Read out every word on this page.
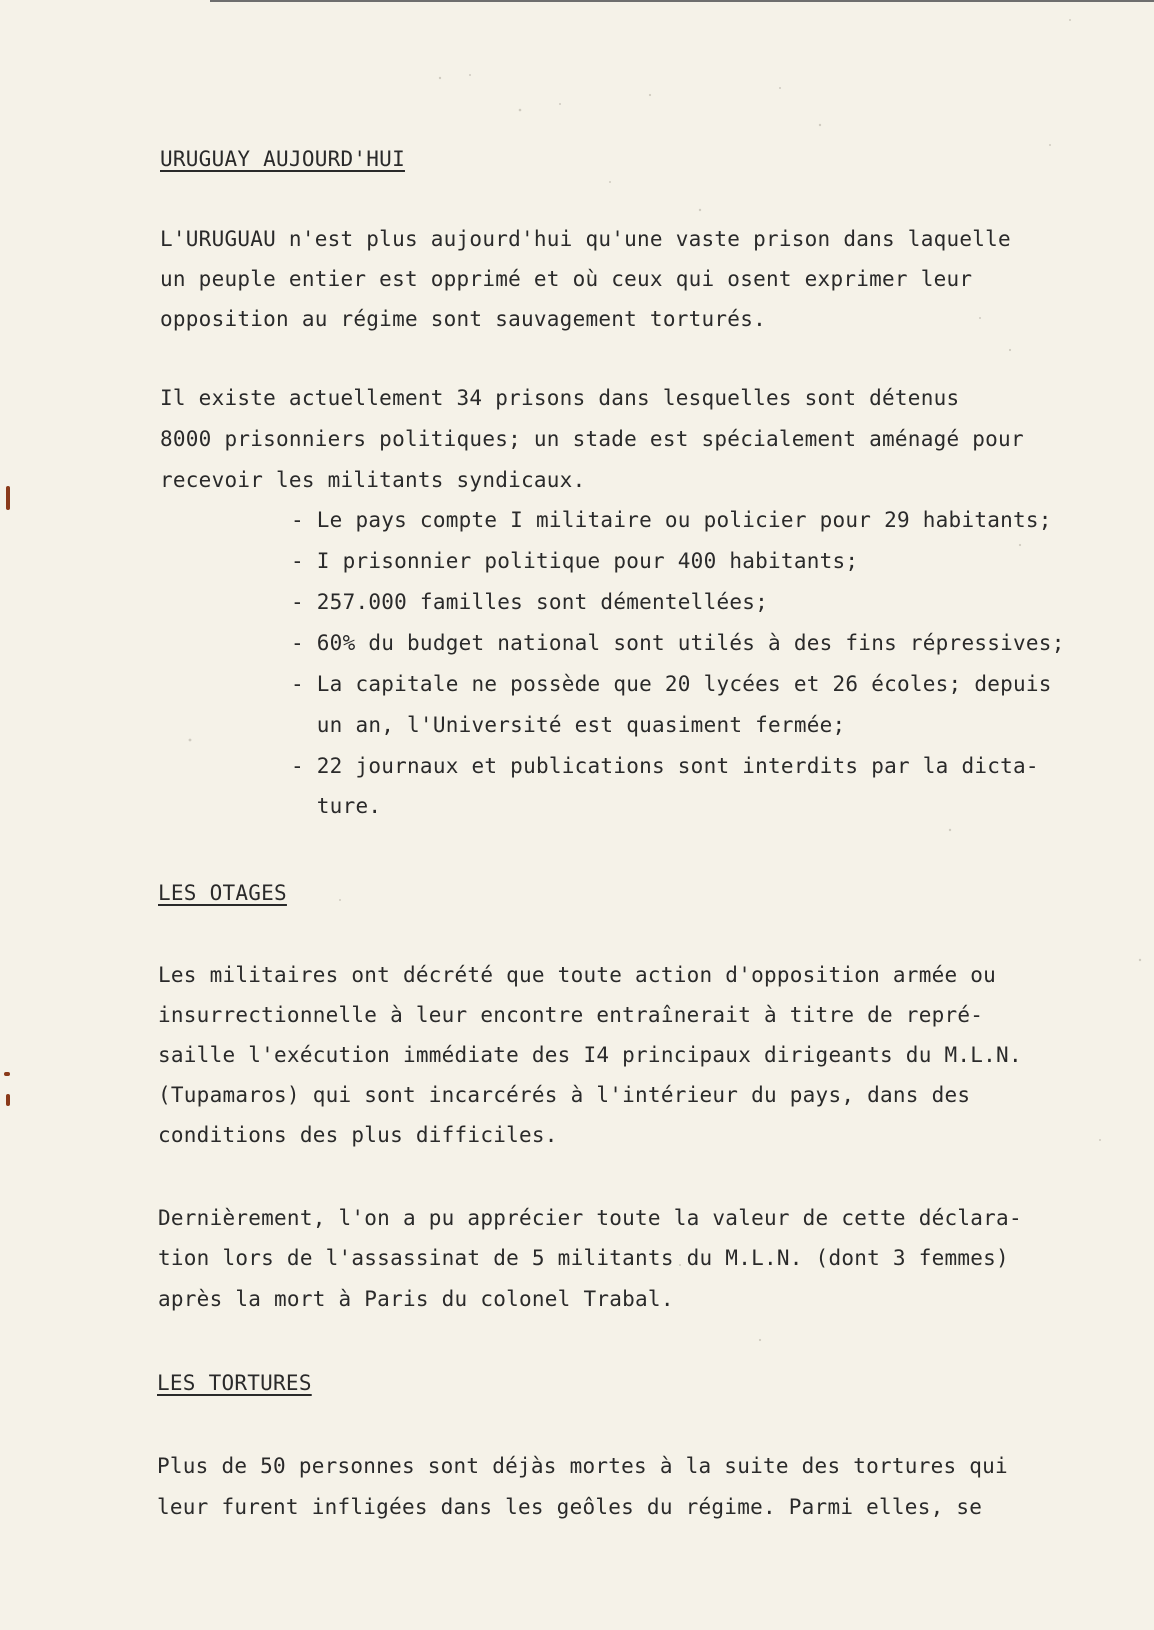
URUGUAY AUJOURD'HUI
L'URUGUAU n'est plus aujourd'hui qu'une vaste prison dans laquelle
un peuple entier est opprimé et où ceux qui osent exprimer leur
opposition au régime sont sauvagement torturés.
Il existe actuellement 34 prisons dans lesquelles sont détenus
8000 prisonniers politiques; un stade est spécialement aménagé pour
recevoir les militants syndicaux.
- Le pays compte I militaire ou policier pour 29 habitants;
- I prisonnier politique pour 400 habitants;
- 257.000 familles sont démentellées;
- 60% du budget national sont utilés à des fins répressives;
- La capitale ne possède que 20 lycées et 26 écoles; depuis
un an, l'Université est quasiment fermée;
- 22 journaux et publications sont interdits par la dicta-
ture.
LES OTAGES
Les militaires ont décrété que toute action d'opposition armée ou
insurrectionnelle à leur encontre entraînerait à titre de repré-
saille l'exécution immédiate des I4 principaux dirigeants du M.L.N.
(Tupamaros) qui sont incarcérés à l'intérieur du pays, dans des
conditions des plus difficiles.
Dernièrement, l'on a pu apprécier toute la valeur de cette déclara-
tion lors de l'assassinat de 5 militants du M.L.N. (dont 3 femmes)
après la mort à Paris du colonel Trabal.
LES TORTURES
Plus de 50 personnes sont déjàs mortes à la suite des tortures qui
leur furent infligées dans les geôles du régime. Parmi elles, se
